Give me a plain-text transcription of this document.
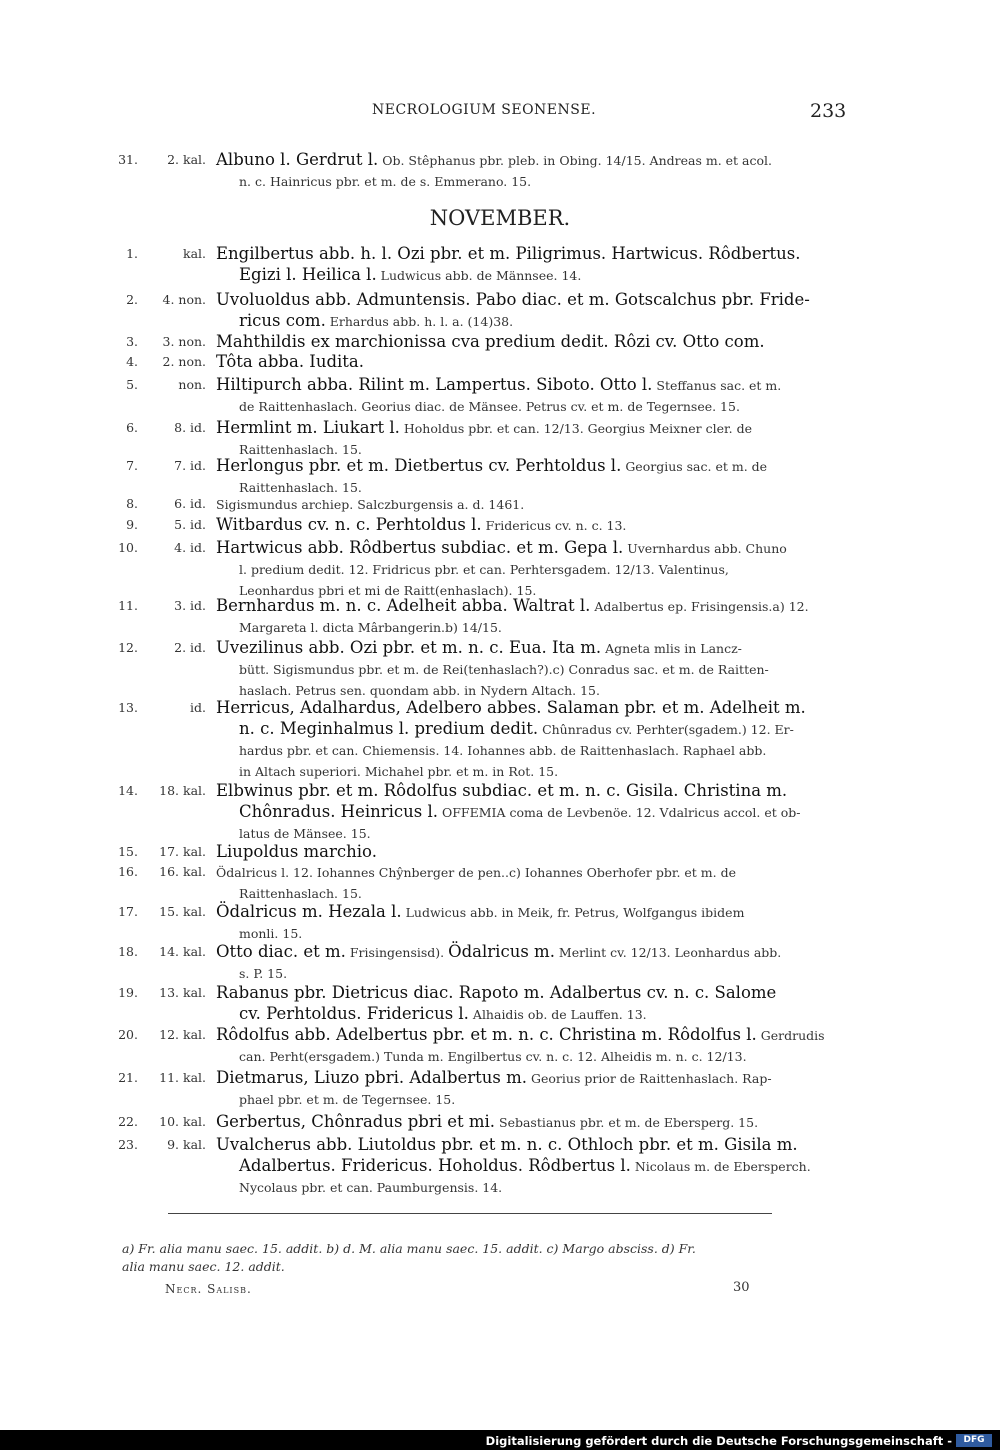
NECROLOGIUM SEONENSE.	233
31.	2. kal. Albuno l. Gerdrut l. Ob. Stêphanus pbr. pleb. in Obing. 14/15. Andreas m. et acol.
n. c. Hainricus pbr. et m. de s. Emmerano. 15.
NOVEMBER.
1.	kal. Engilbertus abb. h. l. Ozi pbr. et m. Piligrimus. Hartwicus. Rôdbertus.
Egizi l. Heilica l. Ludwicus abb. de Männsee. 14.
2.	4. non. Uvoluoldus abb. Admuntensis. Pabo diac. et m. Gotscalchus pbr. Fride-
ricus com. Erhardus abb. h. l. a. (14)38.
3.	3. non. Mahthildis ex marchionissa cva predium dedit. Rôzi cv. Otto com.
4.	2. non. Tôta abba. Iudita.
5.	non. Hiltipurch abba. Rilint m. Lampertus. Siboto. Otto l. Steffanus sac. et m.
de Raittenhaslach. Georius diac. de Mänsee. Petrus cv. et m. de Tegernsee. 15.
6.	8. id. Hermlint m. Liukart l. Hoholdus pbr. et can. 12/13. Georgius Meixner cler. de
Raittenhaslach. 15.
7.	7. id. Herlongus pbr. et m. Dietbertus cv. Perhtoldus l. Georgius sac. et m. de
Raittenhaslach. 15.
8.	6. id. Sigismundus archiep. Salczburgensis a. d. 1461.
9.	5. id. Witbardus cv. n. c. Perhtoldus l. Fridericus cv. n. c. 13.
10.	4. id. Hartwicus abb. Rôdbertus subdiac. et m. Gepa l. Uvernhardus abb. Chuno
l. predium dedit. 12. Fridricus pbr. et can. Perhtersgadem. 12/13. Valentinus,
Leonhardus pbri et mi de Raitt(enhaslach). 15.
11.	3. id. Bernhardus m. n. c. Adelheit abba. Waltrat l. Adalbertus ep. Frisingensis.a) 12.
Margareta l. dicta Mârbangerin.b) 14/15.
12.	2. id. Uvezilinus abb. Ozi pbr. et m. n. c. Eua. Ita m. Agneta mlis in Lancz-
bütt. Sigismundus pbr. et m. de Rei(tenhaslach?).c) Conradus sac. et m. de Raitten-
haslach. Petrus sen. quondam abb. in Nydern Altach. 15.
13.	id. Herricus, Adalhardus, Adelbero abbes. Salaman pbr. et m. Adelheit m.
n. c. Meginhalmus l. predium dedit. Chûnradus cv. Perhter(sgadem.) 12. Er-
hardus pbr. et can. Chiemensis. 14. Iohannes abb. de Raittenhaslach. Raphael abb.
in Altach superiori. Michahel pbr. et m. in Rot. 15.
14.	18. kal. Elbwinus pbr. et m. Rôdolfus subdiac. et m. n. c. Gisila. Christina m.
Chônradus. Heinricus l. OFFEMIA coma de Levbenöe. 12. Vdalricus accol. et ob-
latus de Mänsee. 15.
15.	17. kal. Liupoldus marchio.
16.	16. kal. Ödalricus l. 12. Iohannes Chŷnberger de pen..c) Iohannes Oberhofer pbr. et m. de
Raittenhaslach. 15.
17.	15. kal. Ödalricus m. Hezala l. Ludwicus abb. in Meik, fr. Petrus, Wolfgangus ibidem
monli. 15.
18.	14. kal. Otto diac. et m. Frisingensisd). Ödalricus m. Merlint cv. 12/13. Leonhardus abb.
s. P. 15.
19.	13. kal. Rabanus pbr. Dietricus diac. Rapoto m. Adalbertus cv. n. c. Salome
cv. Perhtoldus. Fridericus l. Alhaidis ob. de Lauffen. 13.
20.	12. kal. Rôdolfus abb. Adelbertus pbr. et m. n. c. Christina m. Rôdolfus l. Gerdrudis
can. Perht(ersgadem.) Tunda m. Engilbertus cv. n. c. 12. Alheidis m. n. c. 12/13.
21.	11. kal. Dietmarus, Liuzo pbri. Adalbertus m. Georius prior de Raittenhaslach. Rap-
phael pbr. et m. de Tegernsee. 15.
22.	10. kal. Gerbertus, Chônradus pbri et mi. Sebastianus pbr. et m. de Ebersperg. 15.
23.	9. kal. Uvalcherus abb. Liutoldus pbr. et m. n. c. Othloch pbr. et m. Gisila m.
Adalbertus. Fridericus. Hoholdus. Rôdbertus l. Nicolaus m. de Ebersperch.
Nycolaus pbr. et can. Paumburgensis. 14.
a) Fr. alia manu saec. 15. addit. b) d. M. alia manu saec. 15. addit. c) Margo absciss. d) Fr.
alia manu saec. 12. addit.
Necr. Salisb.	30
Digitalisierung gefördert durch die Deutsche Forschungsgemeinschaft -	DFG
